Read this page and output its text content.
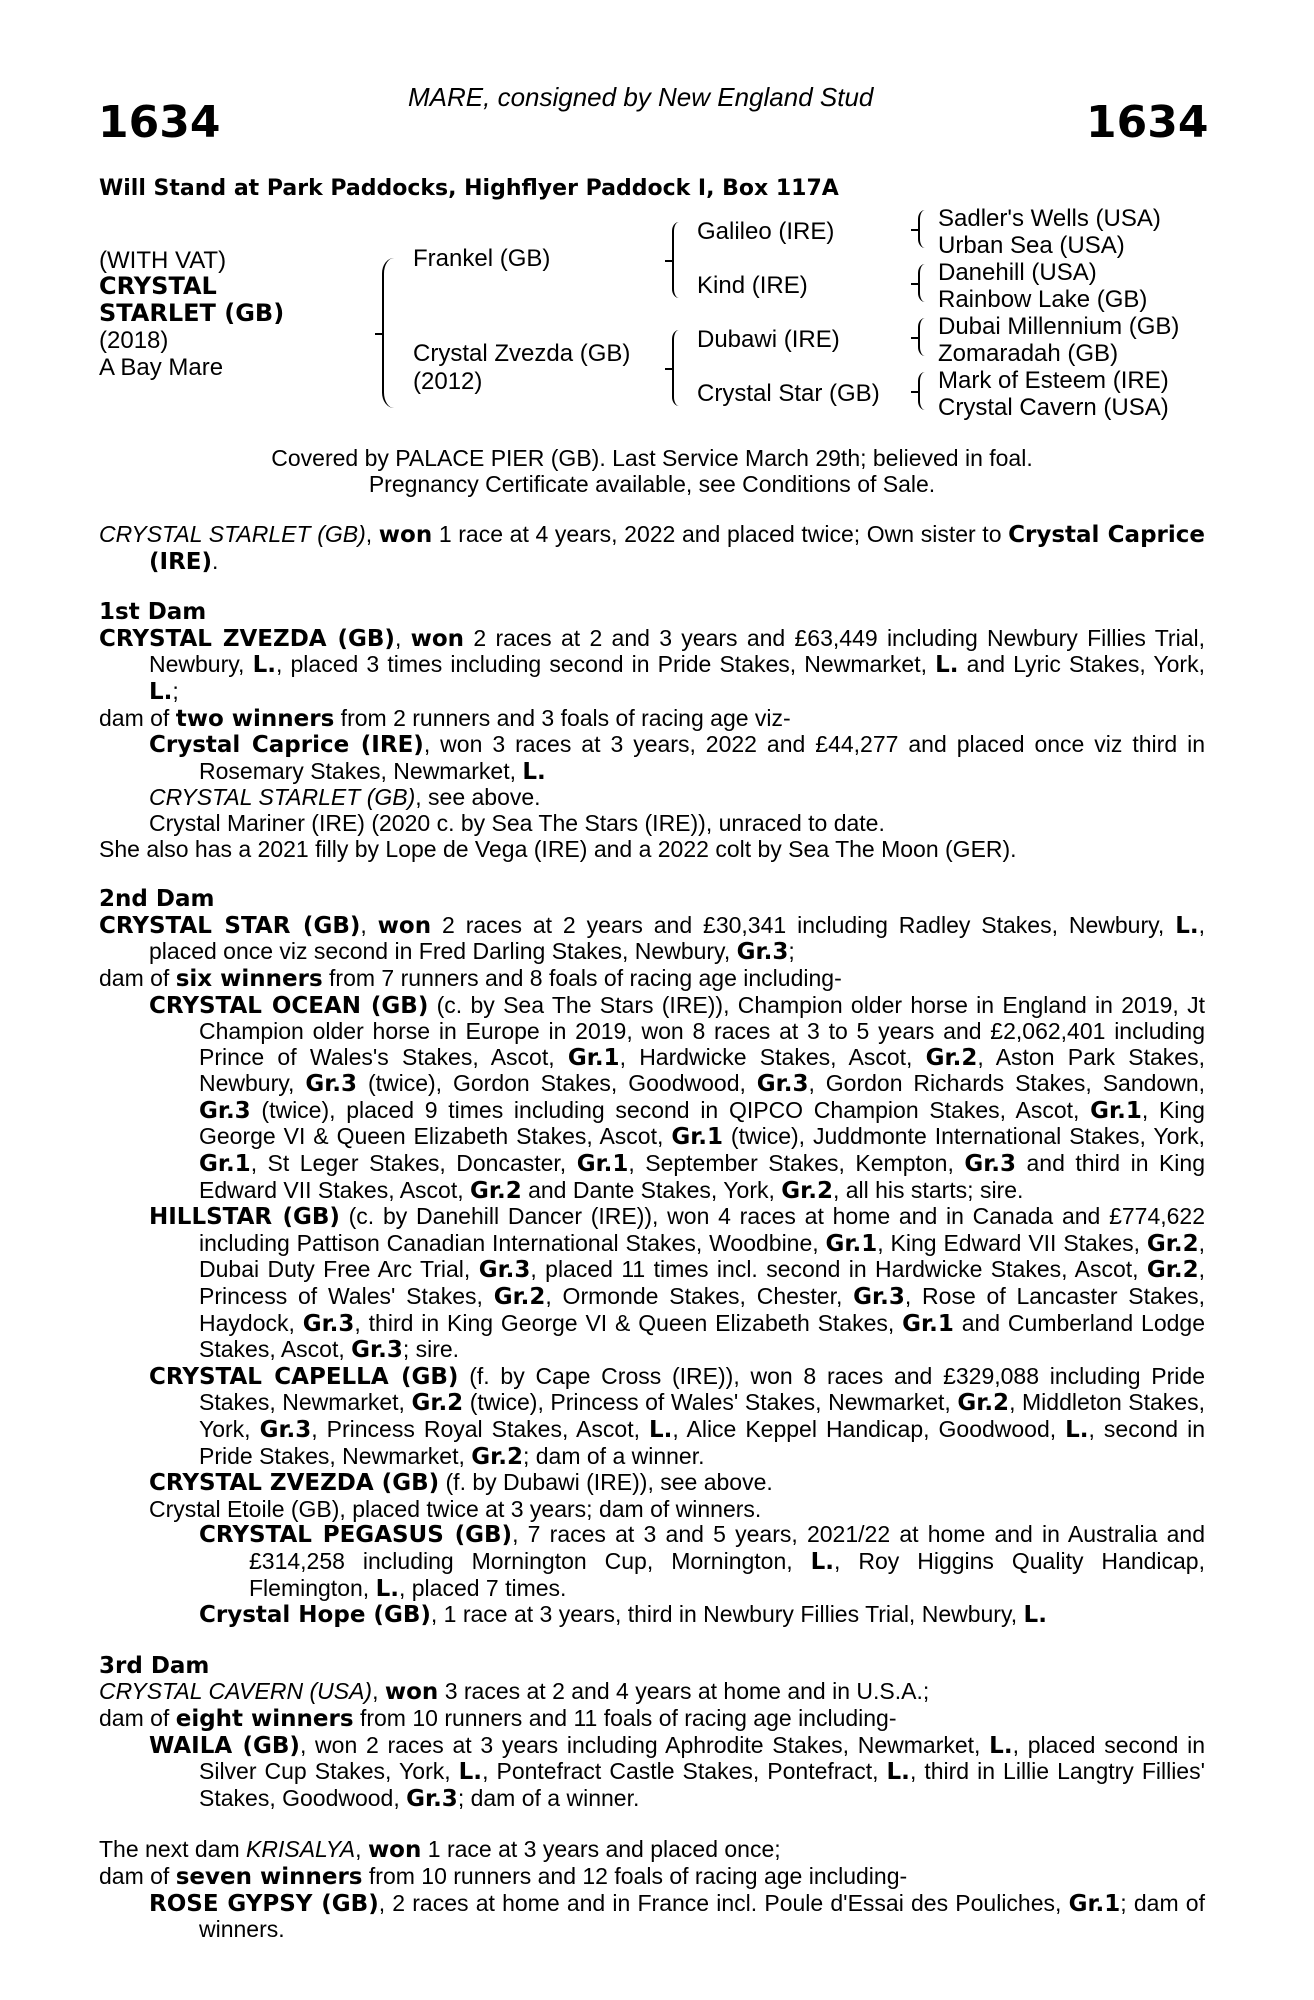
MARE, consigned by New England Stud
1634	1634
Will Stand at Park Paddocks, Highflyer Paddock I, Box 117A
(WITH VAT)
CRYSTAL
STARLET (GB)
(2018)
A Bay Mare
Frankel (GB)
Crystal Zvezda (GB)
(2012)
Galileo (IRE)
Kind (IRE)
Dubawi (IRE)
Crystal Star (GB)
Sadler's Wells (USA)
Urban Sea (USA)
Danehill (USA)
Rainbow Lake (GB)
Dubai Millennium (GB)
Zomaradah (GB)
Mark of Esteem (IRE)
Crystal Cavern (USA)
Covered by PALACE PIER (GB). Last Service March 29th; believed in foal.
Pregnancy Certificate available, see Conditions of Sale.
CRYSTAL STARLET (GB), won 1 race at 4 years, 2022 and placed twice; Own sister to Crystal Caprice (IRE).
1st Dam
CRYSTAL ZVEZDA (GB), won 2 races at 2 and 3 years and £63,449 including Newbury Fillies Trial, Newbury, L., placed 3 times including second in Pride Stakes, Newmarket, L. and Lyric Stakes, York, L.;
dam of two winners from 2 runners and 3 foals of racing age viz-
Crystal Caprice (IRE), won 3 races at 3 years, 2022 and £44,277 and placed once viz third in Rosemary Stakes, Newmarket, L.
CRYSTAL STARLET (GB), see above.
Crystal Mariner (IRE) (2020 c. by Sea The Stars (IRE)), unraced to date.
She also has a 2021 filly by Lope de Vega (IRE) and a 2022 colt by Sea The Moon (GER).
2nd Dam
CRYSTAL STAR (GB), won 2 races at 2 years and £30,341 including Radley Stakes, Newbury, L., placed once viz second in Fred Darling Stakes, Newbury, Gr.3;
dam of six winners from 7 runners and 8 foals of racing age including-
CRYSTAL OCEAN (GB) (c. by Sea The Stars (IRE)), Champion older horse in England in 2019, Jt Champion older horse in Europe in 2019, won 8 races at 3 to 5 years and £2,062,401 including Prince of Wales's Stakes, Ascot, Gr.1, Hardwicke Stakes, Ascot, Gr.2, Aston Park Stakes, Newbury, Gr.3 (twice), Gordon Stakes, Goodwood, Gr.3, Gordon Richards Stakes, Sandown, Gr.3 (twice), placed 9 times including second in QIPCO Champion Stakes, Ascot, Gr.1, King George VI & Queen Elizabeth Stakes, Ascot, Gr.1 (twice), Juddmonte International Stakes, York, Gr.1, St Leger Stakes, Doncaster, Gr.1, September Stakes, Kempton, Gr.3 and third in King Edward VII Stakes, Ascot, Gr.2 and Dante Stakes, York, Gr.2, all his starts; sire.
HILLSTAR (GB) (c. by Danehill Dancer (IRE)), won 4 races at home and in Canada and £774,622 including Pattison Canadian International Stakes, Woodbine, Gr.1, King Edward VII Stakes, Gr.2, Dubai Duty Free Arc Trial, Gr.3, placed 11 times incl. second in Hardwicke Stakes, Ascot, Gr.2, Princess of Wales' Stakes, Gr.2, Ormonde Stakes, Chester, Gr.3, Rose of Lancaster Stakes, Haydock, Gr.3, third in King George VI & Queen Elizabeth Stakes, Gr.1 and Cumberland Lodge Stakes, Ascot, Gr.3; sire.
CRYSTAL CAPELLA (GB) (f. by Cape Cross (IRE)), won 8 races and £329,088 including Pride Stakes, Newmarket, Gr.2 (twice), Princess of Wales' Stakes, Newmarket, Gr.2, Middleton Stakes, York, Gr.3, Princess Royal Stakes, Ascot, L., Alice Keppel Handicap, Goodwood, L., second in Pride Stakes, Newmarket, Gr.2; dam of a winner.
CRYSTAL ZVEZDA (GB) (f. by Dubawi (IRE)), see above.
Crystal Etoile (GB), placed twice at 3 years; dam of winners.
CRYSTAL PEGASUS (GB), 7 races at 3 and 5 years, 2021/22 at home and in Australia and £314,258 including Mornington Cup, Mornington, L., Roy Higgins Quality Handicap, Flemington, L., placed 7 times.
Crystal Hope (GB), 1 race at 3 years, third in Newbury Fillies Trial, Newbury, L.
3rd Dam
CRYSTAL CAVERN (USA), won 3 races at 2 and 4 years at home and in U.S.A.;
dam of eight winners from 10 runners and 11 foals of racing age including-
WAILA (GB), won 2 races at 3 years including Aphrodite Stakes, Newmarket, L., placed second in Silver Cup Stakes, York, L., Pontefract Castle Stakes, Pontefract, L., third in Lillie Langtry Fillies' Stakes, Goodwood, Gr.3; dam of a winner.
The next dam KRISALYA, won 1 race at 3 years and placed once;
dam of seven winners from 10 runners and 12 foals of racing age including-
ROSE GYPSY (GB), 2 races at home and in France incl. Poule d'Essai des Pouliches, Gr.1; dam of winners.
